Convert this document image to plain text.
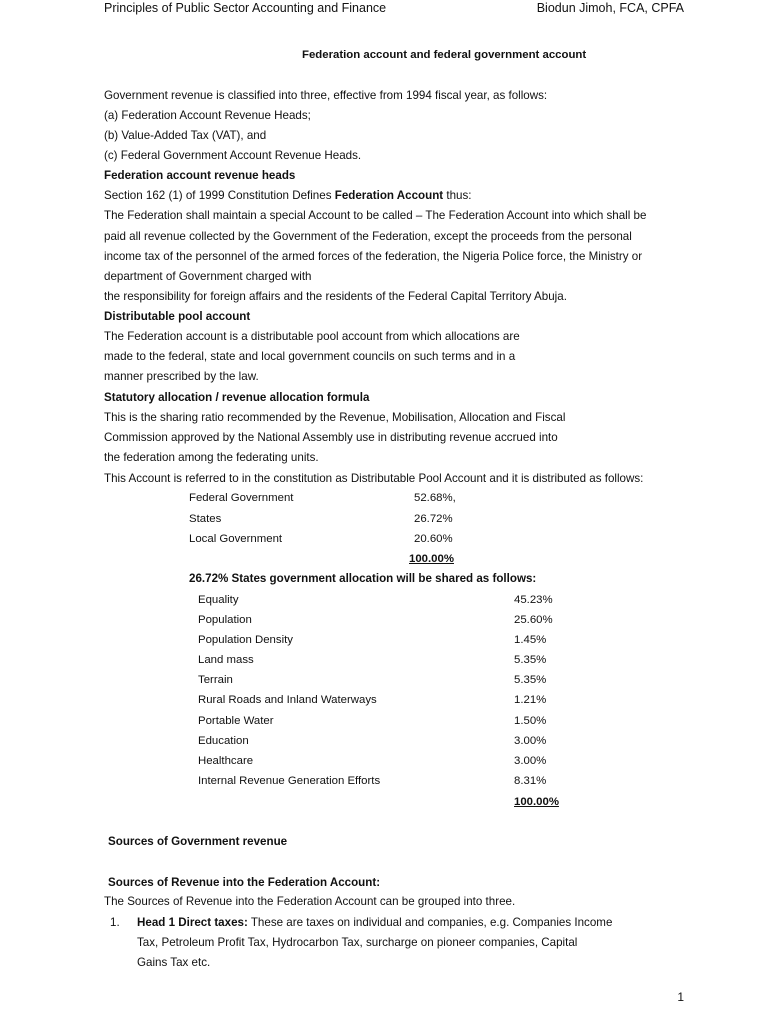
Principles of Public Sector Accounting and Finance	Biodun Jimoh, FCA, CPFA
Federation account and federal government account
Government revenue is classified into three, effective from 1994 fiscal year, as follows:
(a) Federation Account Revenue Heads;
(b) Value-Added Tax (VAT), and
(c) Federal Government Account Revenue Heads.
Federation account revenue heads
Section 162 (1) of 1999 Constitution Defines Federation Account thus:
The Federation shall maintain a special Account to be called – The Federation Account into which shall be
paid all revenue collected by the Government of the Federation, except the proceeds from the personal
income tax of the personnel of the armed forces of the federation, the Nigeria Police force, the Ministry or
department of Government charged with
the responsibility for foreign affairs and the residents of the Federal Capital Territory Abuja.
Distributable pool account
The Federation account is a distributable pool account from which allocations are
made to the federal, state and local government councils on such terms and in a
manner prescribed by the law.
Statutory allocation / revenue allocation formula
This is the sharing ratio recommended by the Revenue, Mobilisation, Allocation and Fiscal
Commission approved by the National Assembly use in distributing revenue accrued into
the federation among the federating units.
This Account is referred to in the constitution as Distributable Pool Account and it is distributed as follows:
Federal Government	52.68%,
States	26.72%
Local Government	20.60%
100.00%
26.72% States government allocation will be shared as follows:
Equality	45.23%
Population	25.60%
Population Density	1.45%
Land mass	5.35%
Terrain	5.35%
Rural Roads and Inland Waterways	1.21%
Portable Water	1.50%
Education	3.00%
Healthcare	3.00%
Internal Revenue Generation Efforts	8.31%
100.00%
Sources of Government revenue
Sources of Revenue into the Federation Account:
The Sources of Revenue into the Federation Account can be grouped into three.
1. Head 1 Direct taxes: These are taxes on individual and companies, e.g. Companies Income
Tax, Petroleum Profit Tax, Hydrocarbon Tax, surcharge on pioneer companies, Capital
Gains Tax etc.
1
